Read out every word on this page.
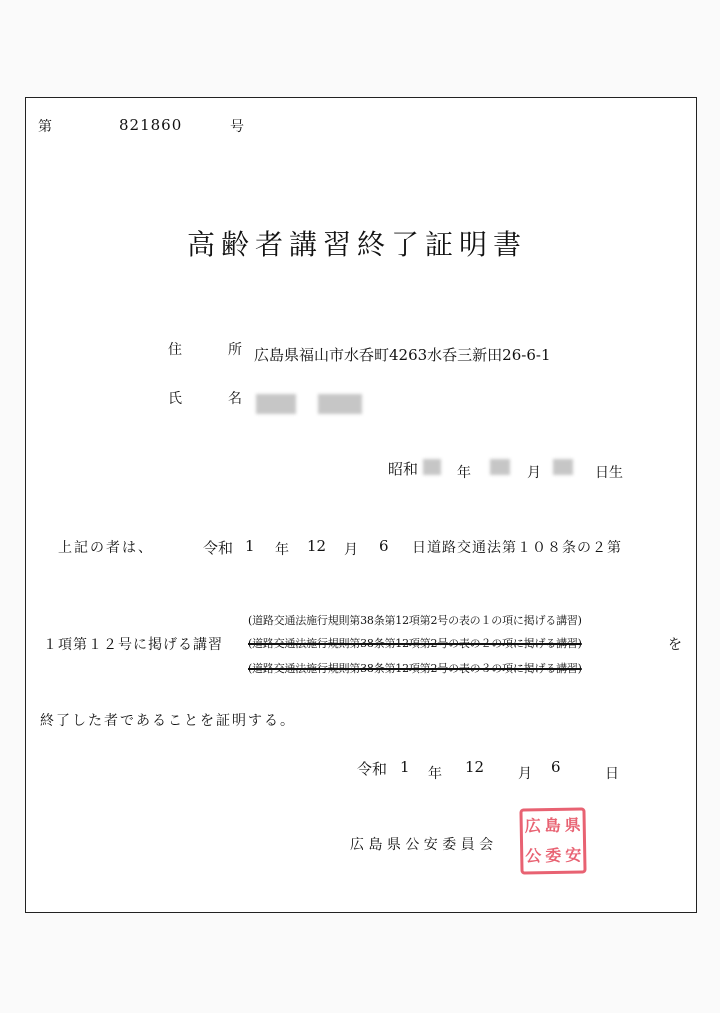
第	821860	号
高齢者講習終了証明書
住	所 広島県福山市水呑町4263水呑三新田26-6-1
氏	名
昭和	年	月	日生
上記の者は、	令和 1 年 12 月 6 日道路交通法第１０８条の２第
(道路交通法施行規則第38条第12項第2号の表の１の項に掲げる講習)
(道路交通法施行規則第38条第12項第2号の表の２の項に掲げる講習)
(道路交通法施行規則第38条第12項第2号の表の３の項に掲げる講習)
１項第１２号に掲げる講習	を
終了した者であることを証明する。
令和 1 年 12 月 6	日
広 島 県 公 安 委 員 会
広 島 県
公 委 安
